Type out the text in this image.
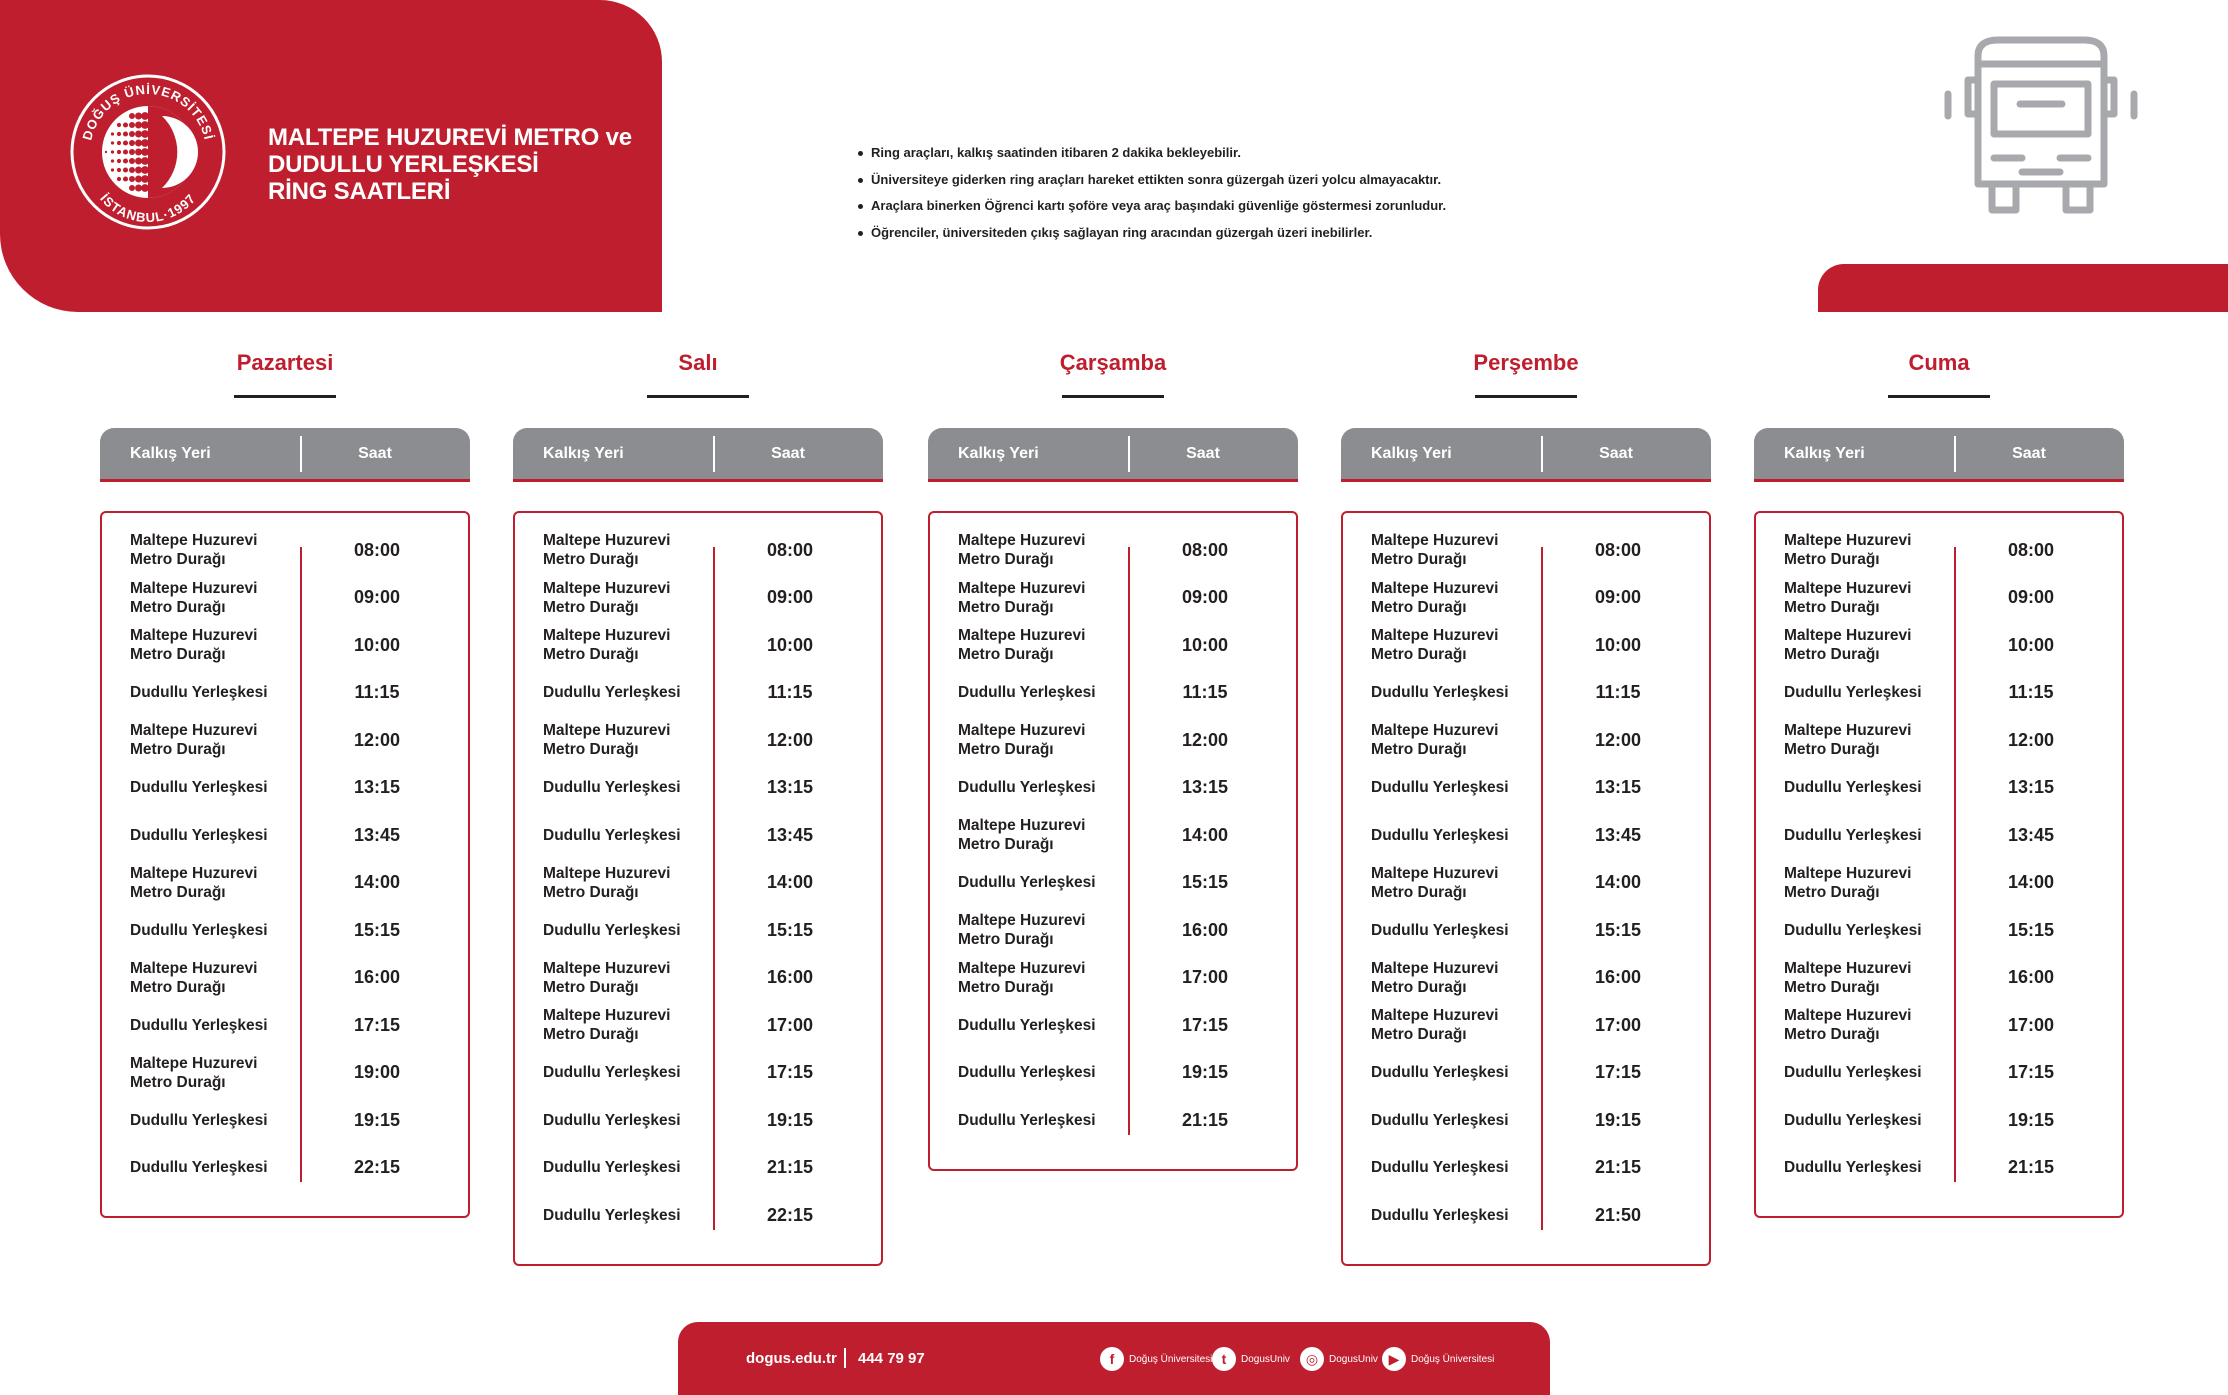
DOĞUŞ ÜNİVERSİTESİ
İSTANBUL·1997
MALTEPE HUZUREVİ METRO ve
DUDULLU YERLEŞKESİ
RİNG SAATLERİ
Ring araçları, kalkış saatinden itibaren 2 dakika bekleyebilir.
Üniversiteye giderken ring araçları hareket ettikten sonra güzergah üzeri yolcu almayacaktır.
Araçlara binerken Öğrenci kartı şoföre veya araç başındaki güvenliğe göstermesi zorunludur.
Öğrenciler, üniversiteden çıkış sağlayan ring aracından güzergah üzeri inebilirler.
Pazartesi
Kalkış Yeri	Saat
Maltepe Huzurevi Metro Durağı	08:00
Maltepe Huzurevi Metro Durağı	09:00
Maltepe Huzurevi Metro Durağı	10:00
Dudullu Yerleşkesi	11:15
Maltepe Huzurevi Metro Durağı	12:00
Dudullu Yerleşkesi	13:15
Dudullu Yerleşkesi	13:45
Maltepe Huzurevi Metro Durağı	14:00
Dudullu Yerleşkesi	15:15
Maltepe Huzurevi Metro Durağı	16:00
Dudullu Yerleşkesi	17:15
Maltepe Huzurevi Metro Durağı	19:00
Dudullu Yerleşkesi	19:15
Dudullu Yerleşkesi	22:15
Salı
Kalkış Yeri	Saat
Maltepe Huzurevi Metro Durağı	08:00
Maltepe Huzurevi Metro Durağı	09:00
Maltepe Huzurevi Metro Durağı	10:00
Dudullu Yerleşkesi	11:15
Maltepe Huzurevi Metro Durağı	12:00
Dudullu Yerleşkesi	13:15
Dudullu Yerleşkesi	13:45
Maltepe Huzurevi Metro Durağı	14:00
Dudullu Yerleşkesi	15:15
Maltepe Huzurevi Metro Durağı	16:00
Maltepe Huzurevi Metro Durağı	17:00
Dudullu Yerleşkesi	17:15
Dudullu Yerleşkesi	19:15
Dudullu Yerleşkesi	21:15
Dudullu Yerleşkesi	22:15
Çarşamba
Kalkış Yeri	Saat
Maltepe Huzurevi Metro Durağı	08:00
Maltepe Huzurevi Metro Durağı	09:00
Maltepe Huzurevi Metro Durağı	10:00
Dudullu Yerleşkesi	11:15
Maltepe Huzurevi Metro Durağı	12:00
Dudullu Yerleşkesi	13:15
Maltepe Huzurevi Metro Durağı	14:00
Dudullu Yerleşkesi	15:15
Maltepe Huzurevi Metro Durağı	16:00
Maltepe Huzurevi Metro Durağı	17:00
Dudullu Yerleşkesi	17:15
Dudullu Yerleşkesi	19:15
Dudullu Yerleşkesi	21:15
Perşembe
Kalkış Yeri	Saat
Maltepe Huzurevi Metro Durağı	08:00
Maltepe Huzurevi Metro Durağı	09:00
Maltepe Huzurevi Metro Durağı	10:00
Dudullu Yerleşkesi	11:15
Maltepe Huzurevi Metro Durağı	12:00
Dudullu Yerleşkesi	13:15
Dudullu Yerleşkesi	13:45
Maltepe Huzurevi Metro Durağı	14:00
Dudullu Yerleşkesi	15:15
Maltepe Huzurevi Metro Durağı	16:00
Maltepe Huzurevi Metro Durağı	17:00
Dudullu Yerleşkesi	17:15
Dudullu Yerleşkesi	19:15
Dudullu Yerleşkesi	21:15
Dudullu Yerleşkesi	21:50
Cuma
Kalkış Yeri	Saat
Maltepe Huzurevi Metro Durağı	08:00
Maltepe Huzurevi Metro Durağı	09:00
Maltepe Huzurevi Metro Durağı	10:00
Dudullu Yerleşkesi	11:15
Maltepe Huzurevi Metro Durağı	12:00
Dudullu Yerleşkesi	13:15
Dudullu Yerleşkesi	13:45
Maltepe Huzurevi Metro Durağı	14:00
Dudullu Yerleşkesi	15:15
Maltepe Huzurevi Metro Durağı	16:00
Maltepe Huzurevi Metro Durağı	17:00
Dudullu Yerleşkesi	17:15
Dudullu Yerleşkesi	19:15
Dudullu Yerleşkesi	21:15
dogus.edu.tr 444 79 97	f	Doğuş Üniversitesi t	DogusUniv	◎	DogusUniv ▶	Doğuş Üniversitesi
